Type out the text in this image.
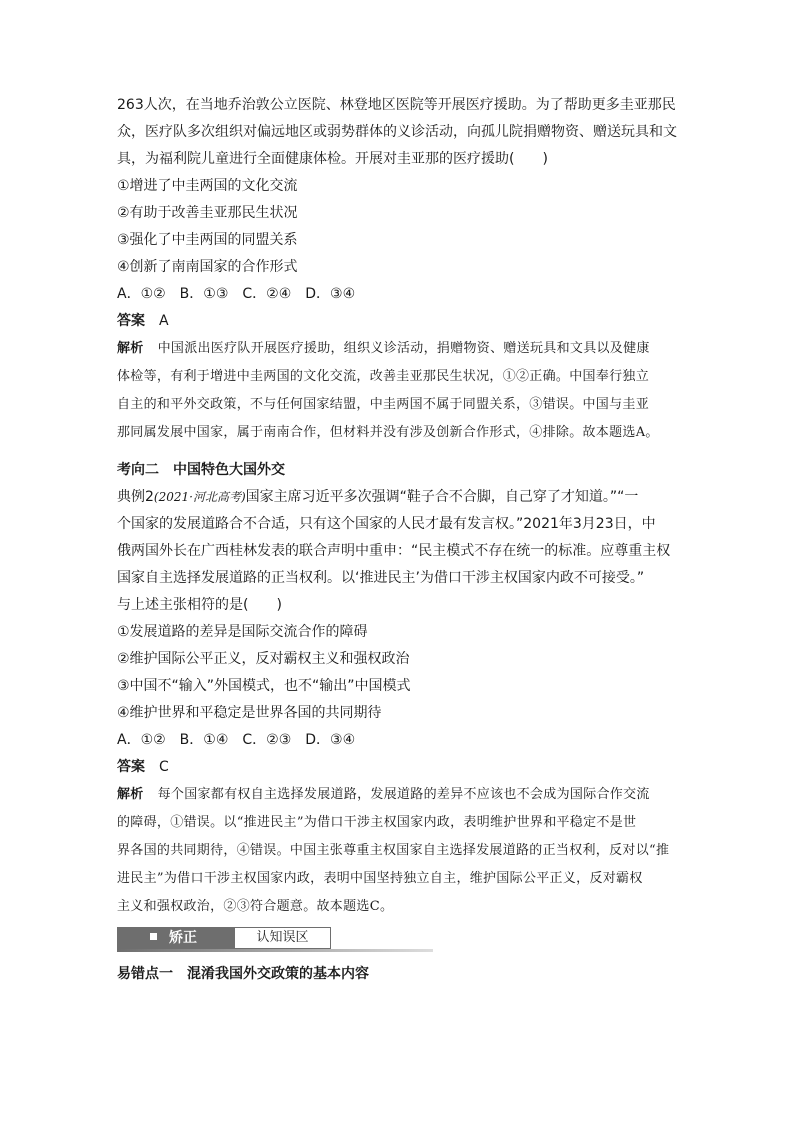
263人次，在当地乔治敦公立医院、林登地区医院等开展医疗援助。为了帮助更多圭亚那民

众，医疗队多次组织对偏远地区或弱势群体的义诊活动，向孤儿院捐赠物资、赠送玩具和文

具，为福利院儿童进行全面健康体检。开展对圭亚那的医疗援助(　　)

①增进了中圭两国的文化交流

②有助于改善圭亚那民生状况

③强化了中圭两国的同盟关系

④创新了南南国家的合作形式

A．①②　B．①③　C．②④　D．③④

答案 A

解析 中国派出医疗队开展医疗援助，组织义诊活动，捐赠物资、赠送玩具和文具以及健康

体检等，有利于增进中圭两国的文化交流，改善圭亚那民生状况，①②正确。中国奉行独立

自主的和平外交政策，不与任何国家结盟，中圭两国不属于同盟关系，③错误。中国与圭亚

那同属发展中国家，属于南南合作，但材料并没有涉及创新合作形式，④排除。故本题选A。

考向二 中国特色大国外交

典例2(2021·河北高考)国家主席习近平多次强调“鞋子合不合脚，自己穿了才知道。”“一

个国家的发展道路合不合适，只有这个国家的人民才最有发言权。”2021年3月23日，中

俄两国外长在广西桂林发表的联合声明中重申：“民主模式不存在统一的标准。应尊重主权

国家自主选择发展道路的正当权利。以‘推进民主’为借口干涉主权国家内政不可接受。”

与上述主张相符的是(　　)

①发展道路的差异是国际交流合作的障碍

②维护国际公平正义，反对霸权主义和强权政治

③中国不“输入”外国模式，也不“输出”中国模式

④维护世界和平稳定是世界各国的共同期待

A．①②　B．①④　C．②③　D．③④

答案 C

解析 每个国家都有权自主选择发展道路，发展道路的差异不应该也不会成为国际合作交流

的障碍，①错误。以“推进民主”为借口干涉主权国家内政，表明维护世界和平稳定不是世

界各国的共同期待，④错误。中国主张尊重主权国家自主选择发展道路的正当权利，反对以“推

进民主”为借口干涉主权国家内政，表明中国坚持独立自主，维护国际公平正义，反对霸权

主义和强权政治，②③符合题意。故本题选C。

矫正	认知误区

易错点一 混淆我国外交政策的基本内容
